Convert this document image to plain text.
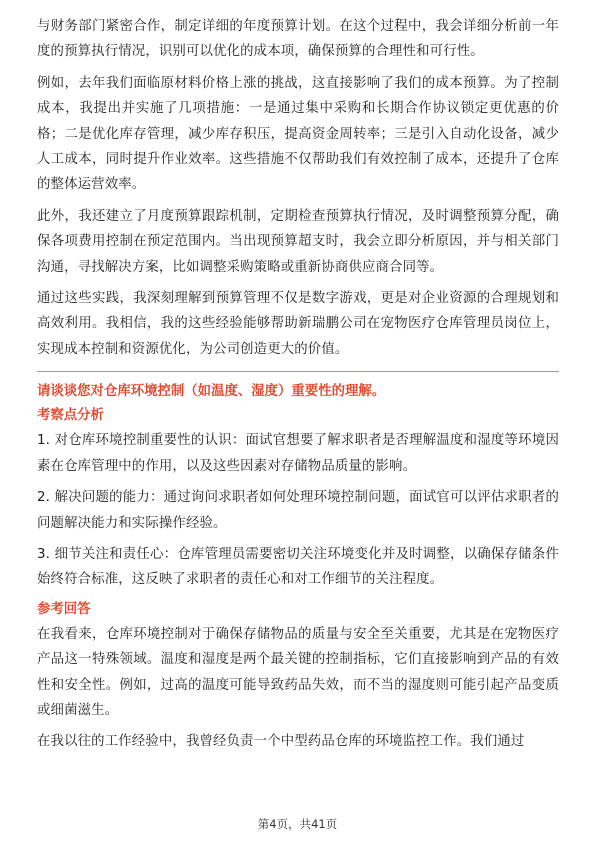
与财务部门紧密合作，制定详细的年度预算计划。在这个过程中，我会详细分析前一年度的预算执行情况，识别可以优化的成本项，确保预算的合理性和可行性。

例如，去年我们面临原材料价格上涨的挑战，这直接影响了我们的成本预算。为了控制成本，我提出并实施了几项措施：一是通过集中采购和长期合作协议锁定更优惠的价格；二是优化库存管理，减少库存积压，提高资金周转率；三是引入自动化设备，减少人工成本，同时提升作业效率。这些措施不仅帮助我们有效控制了成本，还提升了仓库的整体运营效率。

此外，我还建立了月度预算跟踪机制，定期检查预算执行情况，及时调整预算分配，确保各项费用控制在预定范围内。当出现预算超支时，我会立即分析原因，并与相关部门沟通，寻找解决方案，比如调整采购策略或重新协商供应商合同等。

通过这些实践，我深刻理解到预算管理不仅是数字游戏，更是对企业资源的合理规划和高效利用。我相信，我的这些经验能够帮助新瑞鹏公司在宠物医疗仓库管理员岗位上，实现成本控制和资源优化，为公司创造更大的价值。

请谈谈您对仓库环境控制（如温度、湿度）重要性的理解。
考察点分析

1. 对仓库环境控制重要性的认识：面试官想要了解求职者是否理解温度和湿度等环境因素在仓库管理中的作用，以及这些因素对存储物品质量的影响。

2. 解决问题的能力：通过询问求职者如何处理环境控制问题，面试官可以评估求职者的问题解决能力和实际操作经验。

3. 细节关注和责任心：仓库管理员需要密切关注环境变化并及时调整，以确保存储条件始终符合标准，这反映了求职者的责任心和对工作细节的关注程度。

参考回答

在我看来，仓库环境控制对于确保存储物品的质量与安全至关重要，尤其是在宠物医疗产品这一特殊领域。温度和湿度是两个最关键的控制指标，它们直接影响到产品的有效性和安全性。例如，过高的温度可能导致药品失效，而不当的湿度则可能引起产品变质或细菌滋生。

在我以往的工作经验中，我曾经负责一个中型药品仓库的环境监控工作。我们通过

第4页，共41页
